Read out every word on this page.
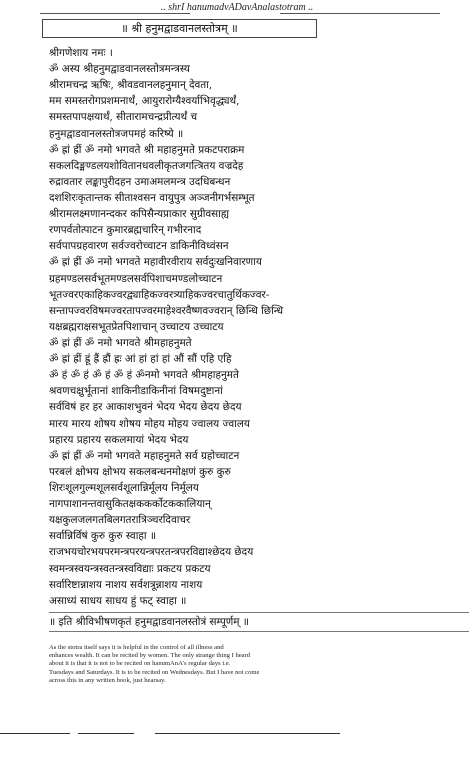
.. shrI hanumadvADavAnalastotram ..
॥ श्री हनुमद्वाडवानलस्तोत्रम् ॥
श्रीगणेशाय नमः ।
ॐ अस्य श्रीहनुमद्वाडवानलस्तोत्रमन्त्रस्य
श्रीरामचन्द्र ऋषिः, श्रीवडवानलहनुमान् देवता,
मम समस्तरोगप्रशमनार्थं, आयुरारोग्यैश्वर्याभिवृद्ध्यर्थं,
समस्तपापक्षयार्थं, सीतारामचन्द्रप्रीत्यर्थं च
हनुमद्वाडवानलस्तोत्रजपमहं करिष्ये ॥
ॐ ह्रां ह्रीं ॐ नमो भगवते श्री महाहनुमते प्रकटपराक्रम
सकलदिङ्मण्डलयशोवितानधवलीकृतजगत्त्रितय वज्रदेह
रुद्रावतार लङ्कापुरीदहन उमाअमलमन्त्र उदधिबन्धन
दशशिरःकृतान्तक सीताश्वसन वायुपुत्र अञ्जनीगर्भसम्भूत
श्रीरामलक्ष्मणानन्दकर कपिसैन्यप्राकार सुग्रीवसाह्य
रणपर्वतोत्पाटन कुमारब्रह्मचारिन् गभीरनाद
सर्वपापग्रहवारण सर्वज्वरोच्चाटन डाकिनीविध्वंसन
ॐ ह्रां ह्रीं ॐ नमो भगवते महावीरवीराय सर्वदुःखनिवारणाय
ग्रहमण्डलसर्वभूतमण्डलसर्वपिशाचमण्डलोच्चाटन
भूतज्वरएकाहिकज्वरद्व्याहिकज्वरत्र्याहिकज्वरचातुर्थिकज्वर-
सन्तापज्वरविषमज्वरतापज्वरमाहेश्वरवैष्णवज्वरान् छिन्धि छिन्धि
यक्षब्रह्मराक्षसभूतप्रेतपिशाचान् उच्चाटय उच्चाटय
ॐ ह्रां ह्रीं ॐ नमो भगवते श्रीमहाहनुमते
ॐ ह्रां ह्रीं ह्रूं ह्रैं ह्रौं ह्रः आं हां हां हां औं सौं एहि एहि
ॐ हं ॐ हं ॐ हं ॐ हं ॐनमो भगवते श्रीमहाहनुमते
श्रवणचक्षुर्भूतानां शाकिनीडाकिनीनां विषमदुष्टानां
सर्वविषं हर हर आकाशभुवनं भेदय भेदय छेदय छेदय
मारय मारय शोषय शोषय मोहय मोहय ज्वालय ज्वालय
प्रहारय प्रहारय सकलमायां भेदय भेदय
ॐ ह्रां ह्रीं ॐ नमो भगवते महाहनुमते सर्व ग्रहोच्चाटन
परबलं क्षोभय क्षोभय सकलबन्धनमोक्षणं कुरु कुरु
शिरःशूलगुल्मशूलसर्वशूलान्निर्मूलय निर्मूलय
नागपाशानन्तवासुकितक्षककर्कोटककालियान्
यक्षकुलजलगतबिलगतरात्रिञ्चरदिवाचर
सर्वान्निर्विषं कुरु कुरु स्वाहा ॥
राजभयचोरभयपरमन्त्रपरयन्त्रपरतन्त्रपरविद्याश्छेदय छेदय
स्वमन्त्रस्वयन्त्रस्वतन्त्रस्वविद्याः प्रकटय प्रकटय
सर्वारिष्टान्नाशय नाशय सर्वशत्रून्नाशय नाशय
असाध्यं साधय साधय हुं फट् स्वाहा ॥
॥ इति श्रीविभीषणकृतं हनुमद्वाडवानलस्तोत्रं सम्पूर्णम् ॥
As the stotra itself says it is helpful in the control of all illness and
enhances wealth. It can be recited by women. The only strange thing I heard
about it is that it is not to be recited on hanumAnA's regular days i.e.
Tuesdays and Saturdays. It is to be recited on Wednesdays. But I have not come
across this in any written book, just hearsay.
